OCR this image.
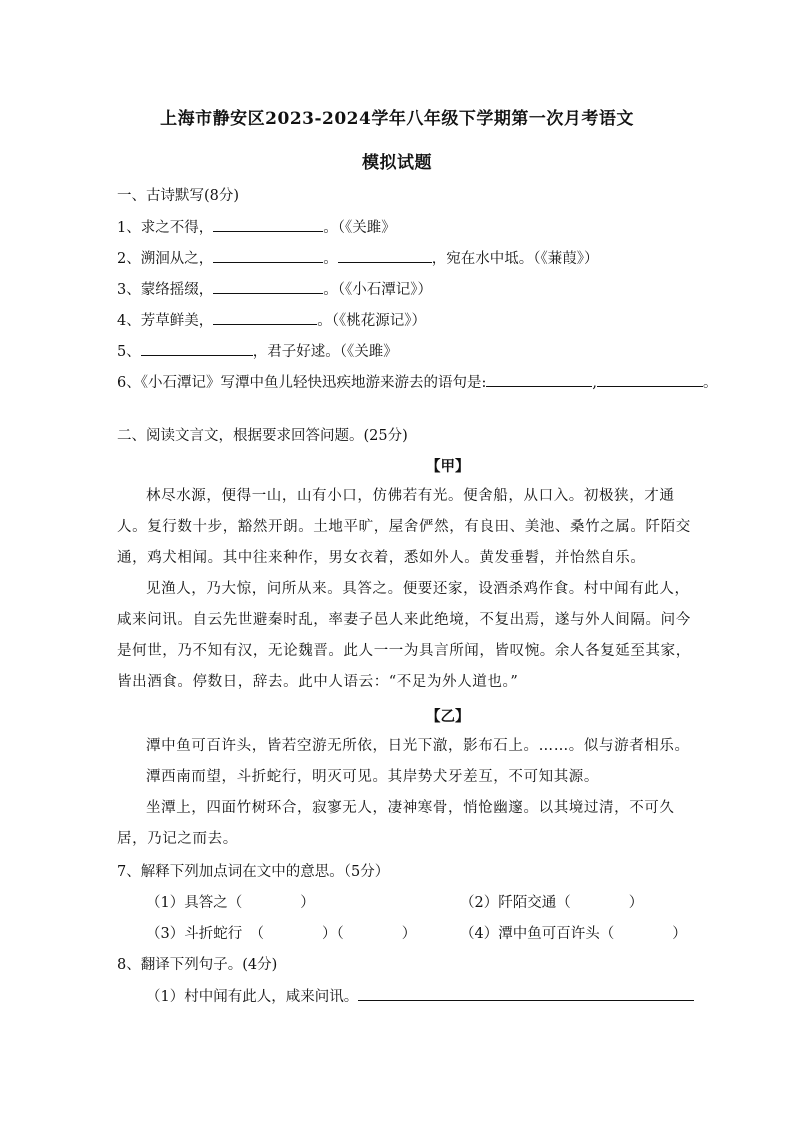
上海市静安区2023-2024学年八年级下学期第一次月考语文
模拟试题
一、古诗默写(8分)
1、求之不得，	。（《关雎》
2、溯洄从之，	。	，宛在水中坻。（《蒹葭》）
3、蒙络摇缀，	。（《小石潭记》）
4、芳草鲜美，	。（《桃花源记》）
5、	，君子好逑。（《关雎》
6、《小石潭记》写潭中鱼儿轻快迅疾地游来游去的语句是:	,	。
二、阅读文言文，根据要求回答问题。(25分)
【甲】

林尽水源，便得一山，山有小口，仿佛若有光。便舍船，从口入。初极狭，才通人。复行数十步，豁然开朗。土地平旷，屋舍俨然，有良田、美池、桑竹之属。阡陌交通，鸡犬相闻。其中往来种作，男女衣着，悉如外人。黄发垂髫，并怡然自乐。

见渔人，乃大惊，问所从来。具答之。便要还家，设酒杀鸡作食。村中闻有此人，咸来问讯。自云先世避秦时乱，率妻子邑人来此绝境，不复出焉，遂与外人间隔。问今是何世，乃不知有汉，无论魏晋。此人一一为具言所闻，皆叹惋。余人各复延至其家，皆出酒食。停数日，辞去。此中人语云：“不足为外人道也。”

【乙】

潭中鱼可百许头，皆若空游无所依，日光下澈，影布石上。……。似与游者相乐。

潭西南而望，斗折蛇行，明灭可见。其岸势犬牙差互，不可知其源。

坐潭上，四面竹树环合，寂寥无人，凄神寒骨，悄怆幽邃。以其境过清，不可久居，乃记之而去。

7、解释下列加点词在文中的意思。（5分）
（1）具答之（　　　　）	（2）阡陌交通（　　　　）
（3）斗折蛇行　（　　　　）（　　　　）	（4）潭中鱼可百许头（　　　　）
8、翻译下列句子。(4分)
（1）村中闻有此人，咸来问讯。
